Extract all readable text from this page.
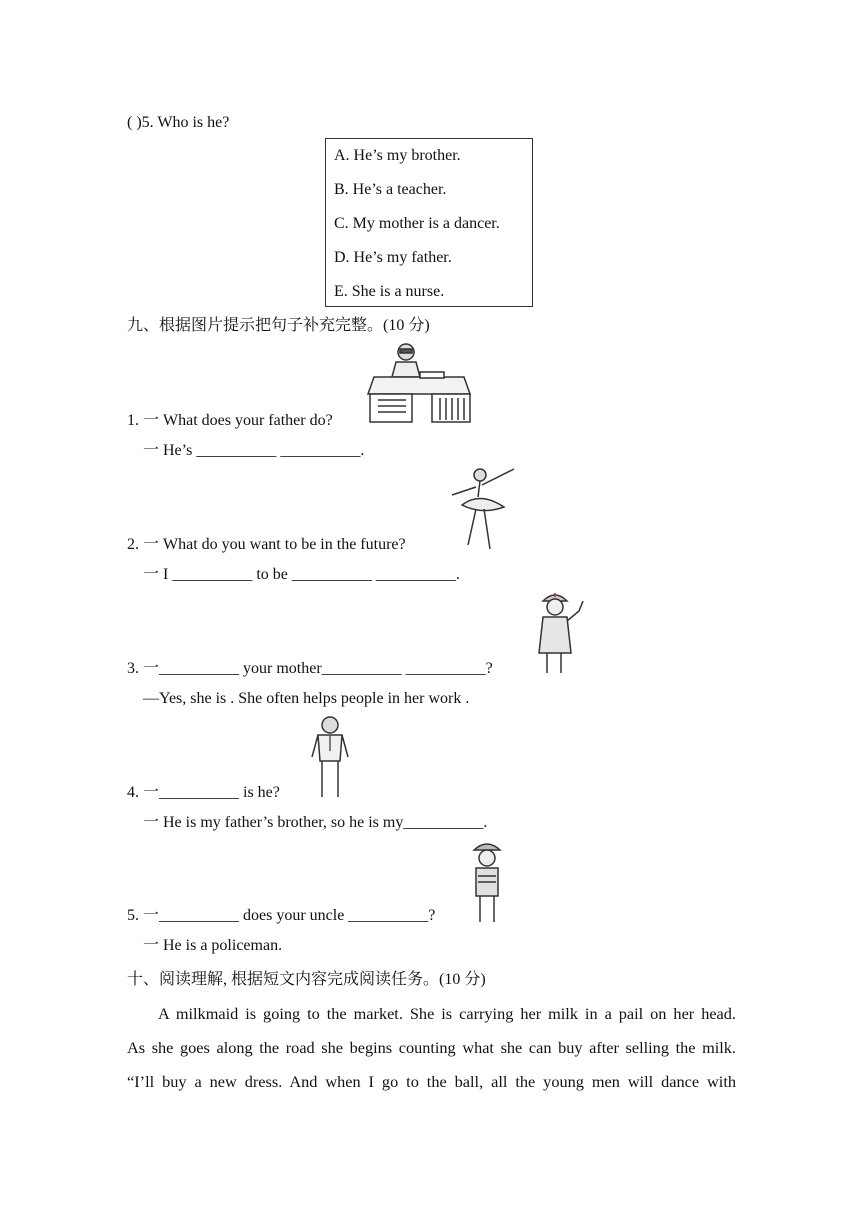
( )5. Who is he?
A. He’s my brother.
B. He’s a teacher.
C. My mother is a dancer.
D. He’s my father.
E. She is a nurse.
九、根据图片提示把句子补充完整。(10 分)
1. 一 What does your father do?
一 He’s __________ __________.
2. 一 What do you want to be in the future?
一 I __________ to be __________ __________.
3. 一__________ your mother__________ __________?
—Yes, she is . She often helps people in her work .
4. 一__________ is he?
一 He is my father’s brother, so he is my__________.
5. 一__________ does your uncle __________?
一 He is a policeman.
十、阅读理解, 根据短文内容完成阅读任务。(10 分)
A milkmaid is going to the market. She is carrying her milk in a pail on her head.
As she goes along the road she begins counting what she can buy after selling the milk.
“I’ll buy a new dress. And when I go to the ball, all the young men will dance with
